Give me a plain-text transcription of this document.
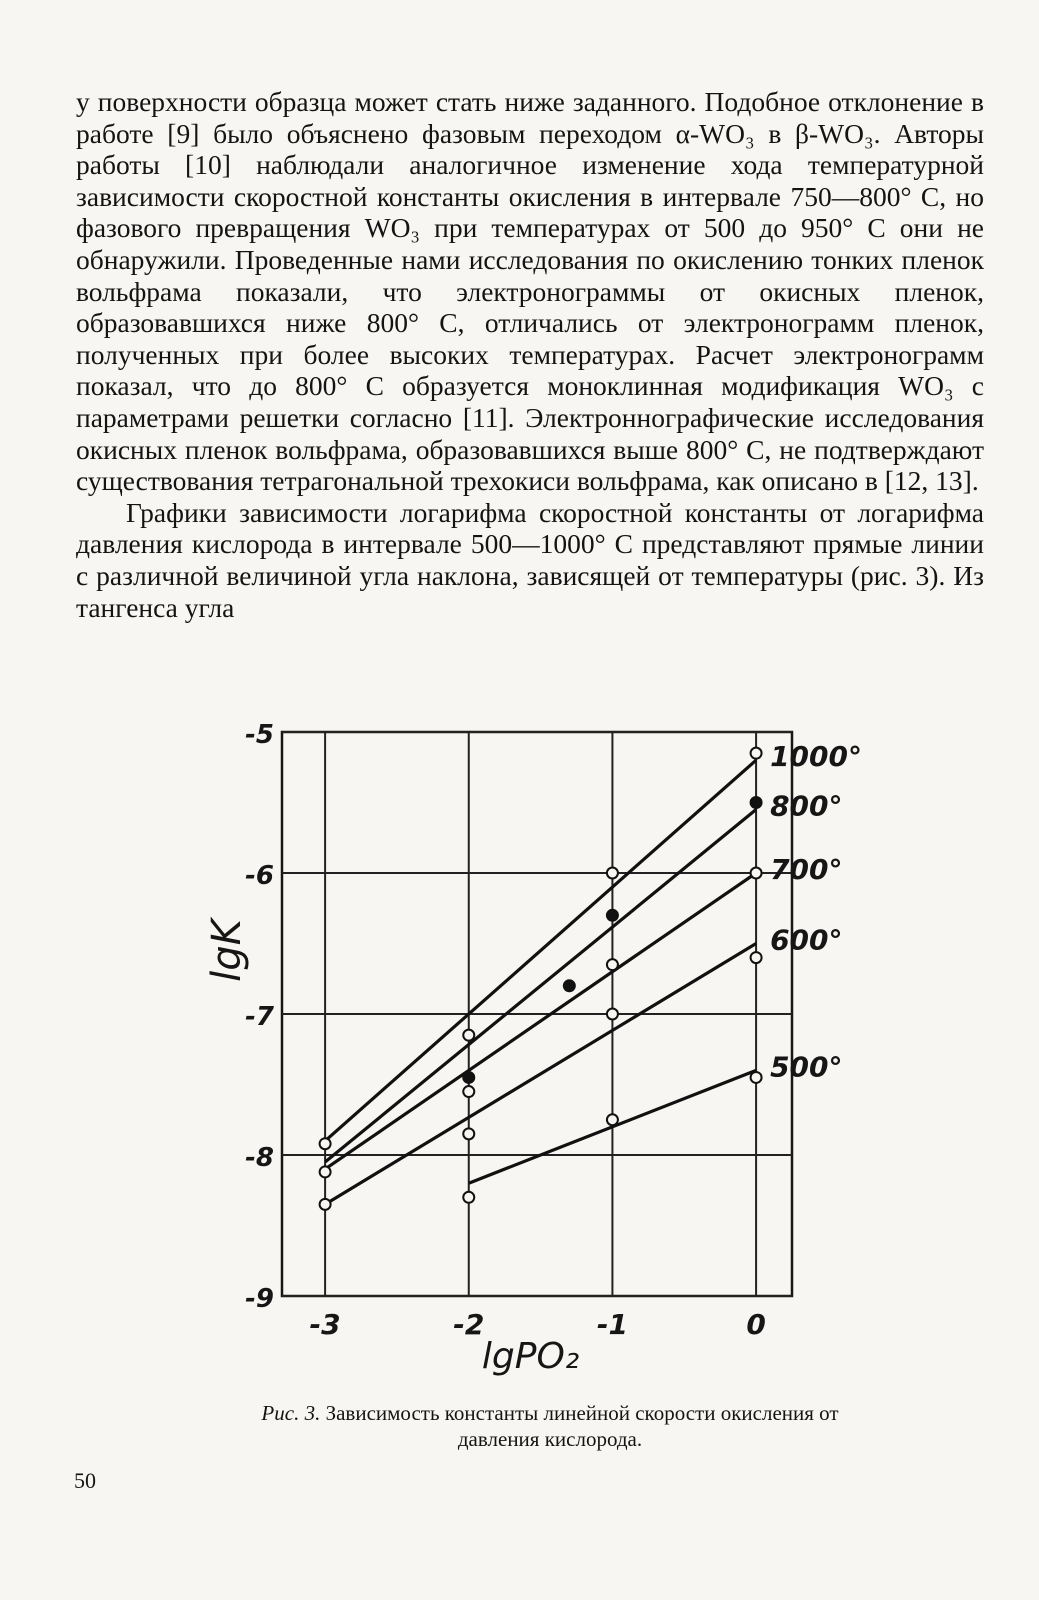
у поверхности образца может стать ниже заданного. Подобное отклонение в работе [9] было объяснено фазовым переходом α-WO₃ в β-WO₃. Авторы работы [10] наблюдали аналогичное изменение хода температурной зависимости скоростной константы окисления в интервале 750—800° С, но фазового превращения WO₃ при температурах от 500 до 950° С они не обнаружили. Проведенные нами исследования по окислению тонких пленок вольфрама показали, что электронограммы от окисных пленок, образовавшихся ниже 800° С, отличались от электронограмм пленок, полученных при более высоких температурах. Расчет электронограмм показал, что до 800° С образуется моноклинная модификация WO₃ с параметрами решетки согласно [11]. Электроннографические исследования окисных пленок вольфрама, образовавшихся выше 800° С, не подтверждают существования тетрагональной трехокиси вольфрама, как описано в [12, 13].

Графики зависимости логарифма скоростной константы от логарифма давления кислорода в интервале 500—1000° С представляют прямые линии с различной величиной угла наклона, зависящей от температуры (рис. 3). Из тангенса угла

-5
-6
-7
-8
-9
-3	-2	-1	0
lgPO₂
lgK
1000°
800°
700°
600°
500°
Рис. 3. Зависимость константы линейной скорости окисления от давления кислорода.
50
